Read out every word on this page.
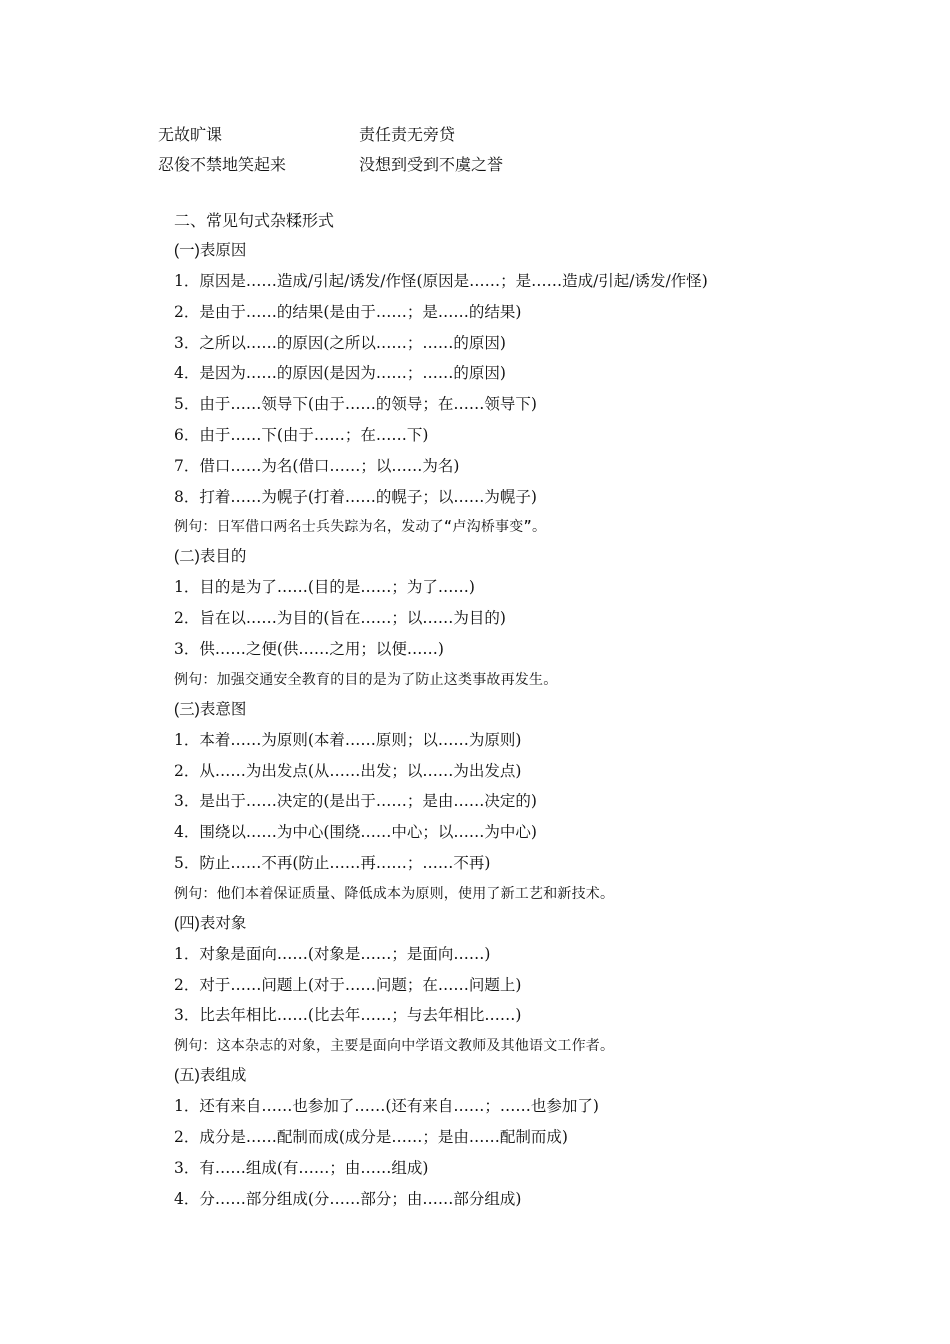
无故旷课	责任责无旁贷
忍俊不禁地笑起来	没想到受到不虞之誉
二、常见句式杂糅形式
(一)表原因
1．原因是……造成/引起/诱发/作怪(原因是……；是……造成/引起/诱发/作怪)
2．是由于……的结果(是由于……；是……的结果)
3．之所以……的原因(之所以……；……的原因)
4．是因为……的原因(是因为……；……的原因)
5．由于……领导下(由于……的领导；在……领导下)
6．由于……下(由于……；在……下)
7．借口……为名(借口……；以……为名)
8．打着……为幌子(打着……的幌子；以……为幌子)
例句：日军借口两名士兵失踪为名，发动了“卢沟桥事变”。
(二)表目的
1．目的是为了……(目的是……；为了……)
2．旨在以……为目的(旨在……；以……为目的)
3．供……之便(供……之用；以便……)
例句：加强交通安全教育的目的是为了防止这类事故再发生。
(三)表意图
1．本着……为原则(本着……原则；以……为原则)
2．从……为出发点(从……出发；以……为出发点)
3．是出于……决定的(是出于……；是由……决定的)
4．围绕以……为中心(围绕……中心；以……为中心)
5．防止……不再(防止……再……；……不再)
例句：他们本着保证质量、降低成本为原则，使用了新工艺和新技术。
(四)表对象
1．对象是面向……(对象是……；是面向……)
2．对于……问题上(对于……问题；在……问题上)
3．比去年相比……(比去年……；与去年相比……)
例句：这本杂志的对象，主要是面向中学语文教师及其他语文工作者。
(五)表组成
1．还有来自……也参加了……(还有来自……；……也参加了)
2．成分是……配制而成(成分是……；是由……配制而成)
3．有……组成(有……；由……组成)
4．分……部分组成(分……部分；由……部分组成)
